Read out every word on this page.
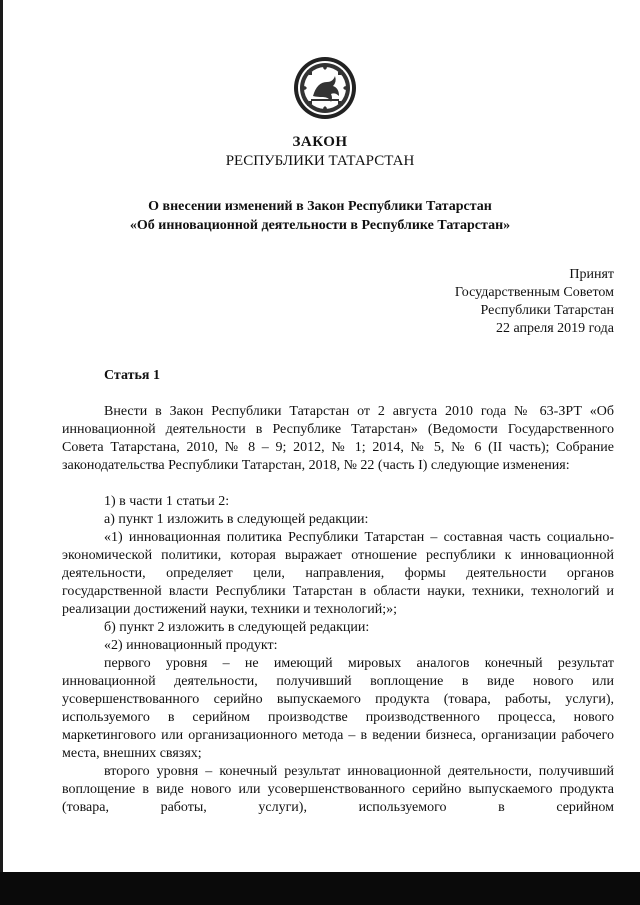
ЗАКОН
РЕСПУБЛИКИ ТАТАРСТАН
О внесении изменений в Закон Республики Татарстан
«Об инновационной деятельности в Республике Татарстан»
Принят
Государственным Советом
Республики Татарстан
22 апреля 2019 года
Статья 1

Внести в Закон Республики Татарстан от 2 августа 2010 года № 63-ЗРТ «Об инновационной деятельности в Республике Татарстан» (Ведомости Государственного Совета Татарстана, 2010, № 8 – 9; 2012, № 1; 2014, № 5, № 6 (II часть); Собрание законодательства Республики Татарстан, 2018, № 22 (часть I) следующие изменения:

1) в части 1 статьи 2:

а) пункт 1 изложить в следующей редакции:

«1) инновационная политика Республики Татарстан – составная часть социально-экономической политики, которая выражает отношение республики к инновационной деятельности, определяет цели, направления, формы деятельности органов государственной власти Республики Татарстан в области науки, техники, технологий и реализации достижений науки, техники и технологий;»;

б) пункт 2 изложить в следующей редакции:

«2) инновационный продукт:

первого уровня – не имеющий мировых аналогов конечный результат инновационной деятельности, получивший воплощение в виде нового или усовершенствованного серийно выпускаемого продукта (товара, работы, услуги), используемого в серийном производстве производственного процесса, нового маркетингового или организационного метода – в ведении бизнеса, организации рабочего места, внешних связях;

второго уровня – конечный результат инновационной деятельности, получивший воплощение в виде нового или усовершенствованного серийно выпускаемого продукта (товара, работы, услуги), используемого в серийном
